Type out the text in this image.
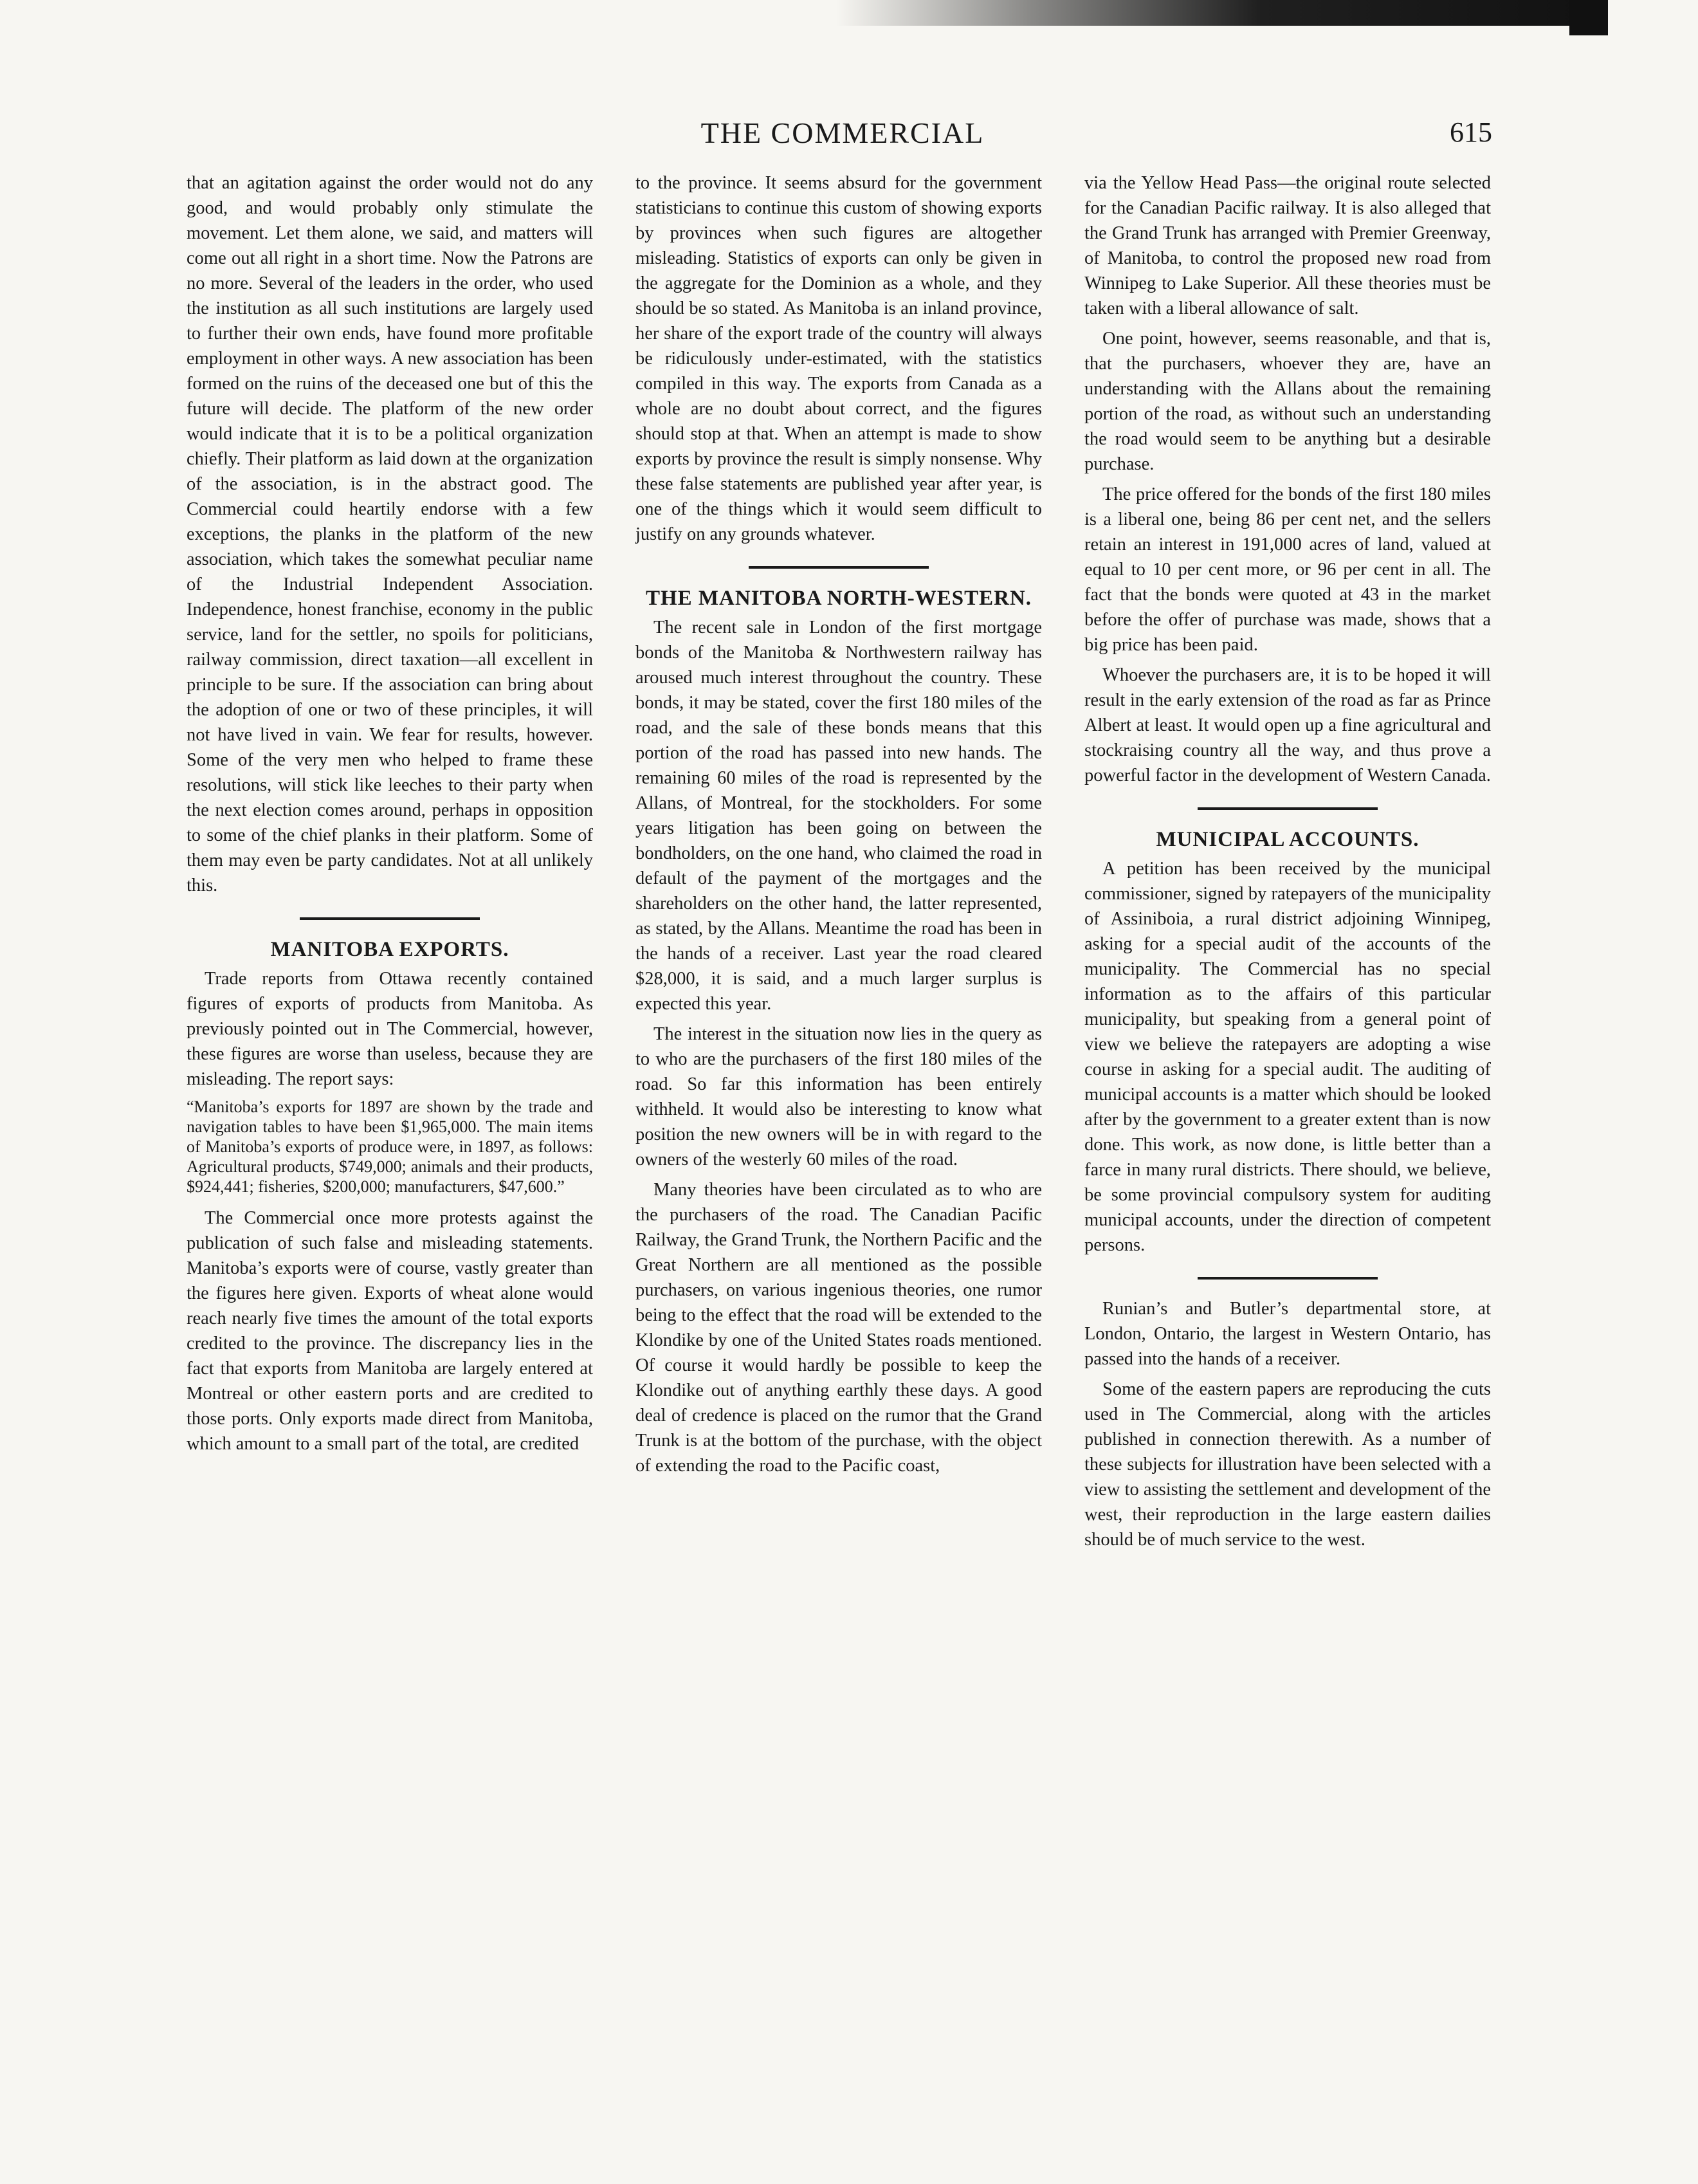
THE COMMERCIAL	615

that an agitation against the order would not do any good, and would probably only stimulate the movement. Let them alone, we said, and matters will come out all right in a short time. Now the Patrons are no more. Several of the leaders in the order, who used the institution as all such institutions are largely used to further their own ends, have found more profitable employment in other ways. A new association has been formed on the ruins of the deceased one but of this the future will decide. The platform of the new order would indicate that it is to be a political organization chiefly. Their platform as laid down at the organization of the association, is in the abstract good. The Commercial could heartily endorse with a few exceptions, the planks in the platform of the new association, which takes the somewhat peculiar name of the Industrial Independent Association. Independence, honest franchise, economy in the public service, land for the settler, no spoils for politicians, railway commission, direct taxation—all excellent in principle to be sure. If the association can bring about the adoption of one or two of these principles, it will not have lived in vain. We fear for results, however. Some of the very men who helped to frame these resolutions, will stick like leeches to their party when the next election comes around, perhaps in opposition to some of the chief planks in their platform. Some of them may even be party candidates. Not at all unlikely this.

MANITOBA EXPORTS.

Trade reports from Ottawa recently contained figures of exports of products from Manitoba. As previously pointed out in The Commercial, however, these figures are worse than useless, because they are misleading. The report says:

“Manitoba’s exports for 1897 are shown by the trade and navigation tables to have been $1,965,000. The main items of Manitoba’s exports of produce were, in 1897, as follows: Agricultural products, $749,000; animals and their products, $924,441; fisheries, $200,000; manufacturers, $47,600.”

The Commercial once more protests against the publication of such false and misleading statements. Manitoba’s exports were of course, vastly greater than the figures here given. Exports of wheat alone would reach nearly five times the amount of the total exports credited to the province. The discrepancy lies in the fact that exports from Manitoba are largely entered at Montreal or other eastern ports and are credited to those ports. Only exports made direct from Manitoba, which amount to a small part of the total, are credited

to the province. It seems absurd for the government statisticians to continue this custom of showing exports by provinces when such figures are altogether misleading. Statistics of exports can only be given in the aggregate for the Dominion as a whole, and they should be so stated. As Manitoba is an inland province, her share of the export trade of the country will always be ridiculously under-estimated, with the statistics compiled in this way. The exports from Canada as a whole are no doubt about correct, and the figures should stop at that. When an attempt is made to show exports by province the result is simply nonsense. Why these false statements are published year after year, is one of the things which it would seem difficult to justify on any grounds whatever.

THE MANITOBA NORTH-WESTERN.

The recent sale in London of the first mortgage bonds of the Manitoba & Northwestern railway has aroused much interest throughout the country. These bonds, it may be stated, cover the first 180 miles of the road, and the sale of these bonds means that this portion of the road has passed into new hands. The remaining 60 miles of the road is represented by the Allans, of Montreal, for the stockholders. For some years litigation has been going on between the bondholders, on the one hand, who claimed the road in default of the payment of the mortgages and the shareholders on the other hand, the latter represented, as stated, by the Allans. Meantime the road has been in the hands of a receiver. Last year the road cleared $28,000, it is said, and a much larger surplus is expected this year.

The interest in the situation now lies in the query as to who are the purchasers of the first 180 miles of the road. So far this information has been entirely withheld. It would also be interesting to know what position the new owners will be in with regard to the owners of the westerly 60 miles of the road.

Many theories have been circulated as to who are the purchasers of the road. The Canadian Pacific Railway, the Grand Trunk, the Northern Pacific and the Great Northern are all mentioned as the possible purchasers, on various ingenious theories, one rumor being to the effect that the road will be extended to the Klondike by one of the United States roads mentioned. Of course it would hardly be possible to keep the Klondike out of anything earthly these days. A good deal of credence is placed on the rumor that the Grand Trunk is at the bottom of the purchase, with the object of extending the road to the Pacific coast,

via the Yellow Head Pass—the original route selected for the Canadian Pacific railway. It is also alleged that the Grand Trunk has arranged with Premier Greenway, of Manitoba, to control the proposed new road from Winnipeg to Lake Superior. All these theories must be taken with a liberal allowance of salt.

One point, however, seems reasonable, and that is, that the purchasers, whoever they are, have an understanding with the Allans about the remaining portion of the road, as without such an understanding the road would seem to be anything but a desirable purchase.

The price offered for the bonds of the first 180 miles is a liberal one, being 86 per cent net, and the sellers retain an interest in 191,000 acres of land, valued at equal to 10 per cent more, or 96 per cent in all. The fact that the bonds were quoted at 43 in the market before the offer of purchase was made, shows that a big price has been paid.

Whoever the purchasers are, it is to be hoped it will result in the early extension of the road as far as Prince Albert at least. It would open up a fine agricultural and stockraising country all the way, and thus prove a powerful factor in the development of Western Canada.

MUNICIPAL ACCOUNTS.

A petition has been received by the municipal commissioner, signed by ratepayers of the municipality of Assiniboia, a rural district adjoining Winnipeg, asking for a special audit of the accounts of the municipality. The Commercial has no special information as to the affairs of this particular municipality, but speaking from a general point of view we believe the ratepayers are adopting a wise course in asking for a special audit. The auditing of municipal accounts is a matter which should be looked after by the government to a greater extent than is now done. This work, as now done, is little better than a farce in many rural districts. There should, we believe, be some provincial compulsory system for auditing municipal accounts, under the direction of competent persons.

Runian’s and Butler’s departmental store, at London, Ontario, the largest in Western Ontario, has passed into the hands of a receiver.

Some of the eastern papers are reproducing the cuts used in The Commercial, along with the articles published in connection therewith. As a number of these subjects for illustration have been selected with a view to assisting the settlement and development of the west, their reproduction in the large eastern dailies should be of much service to the west.
